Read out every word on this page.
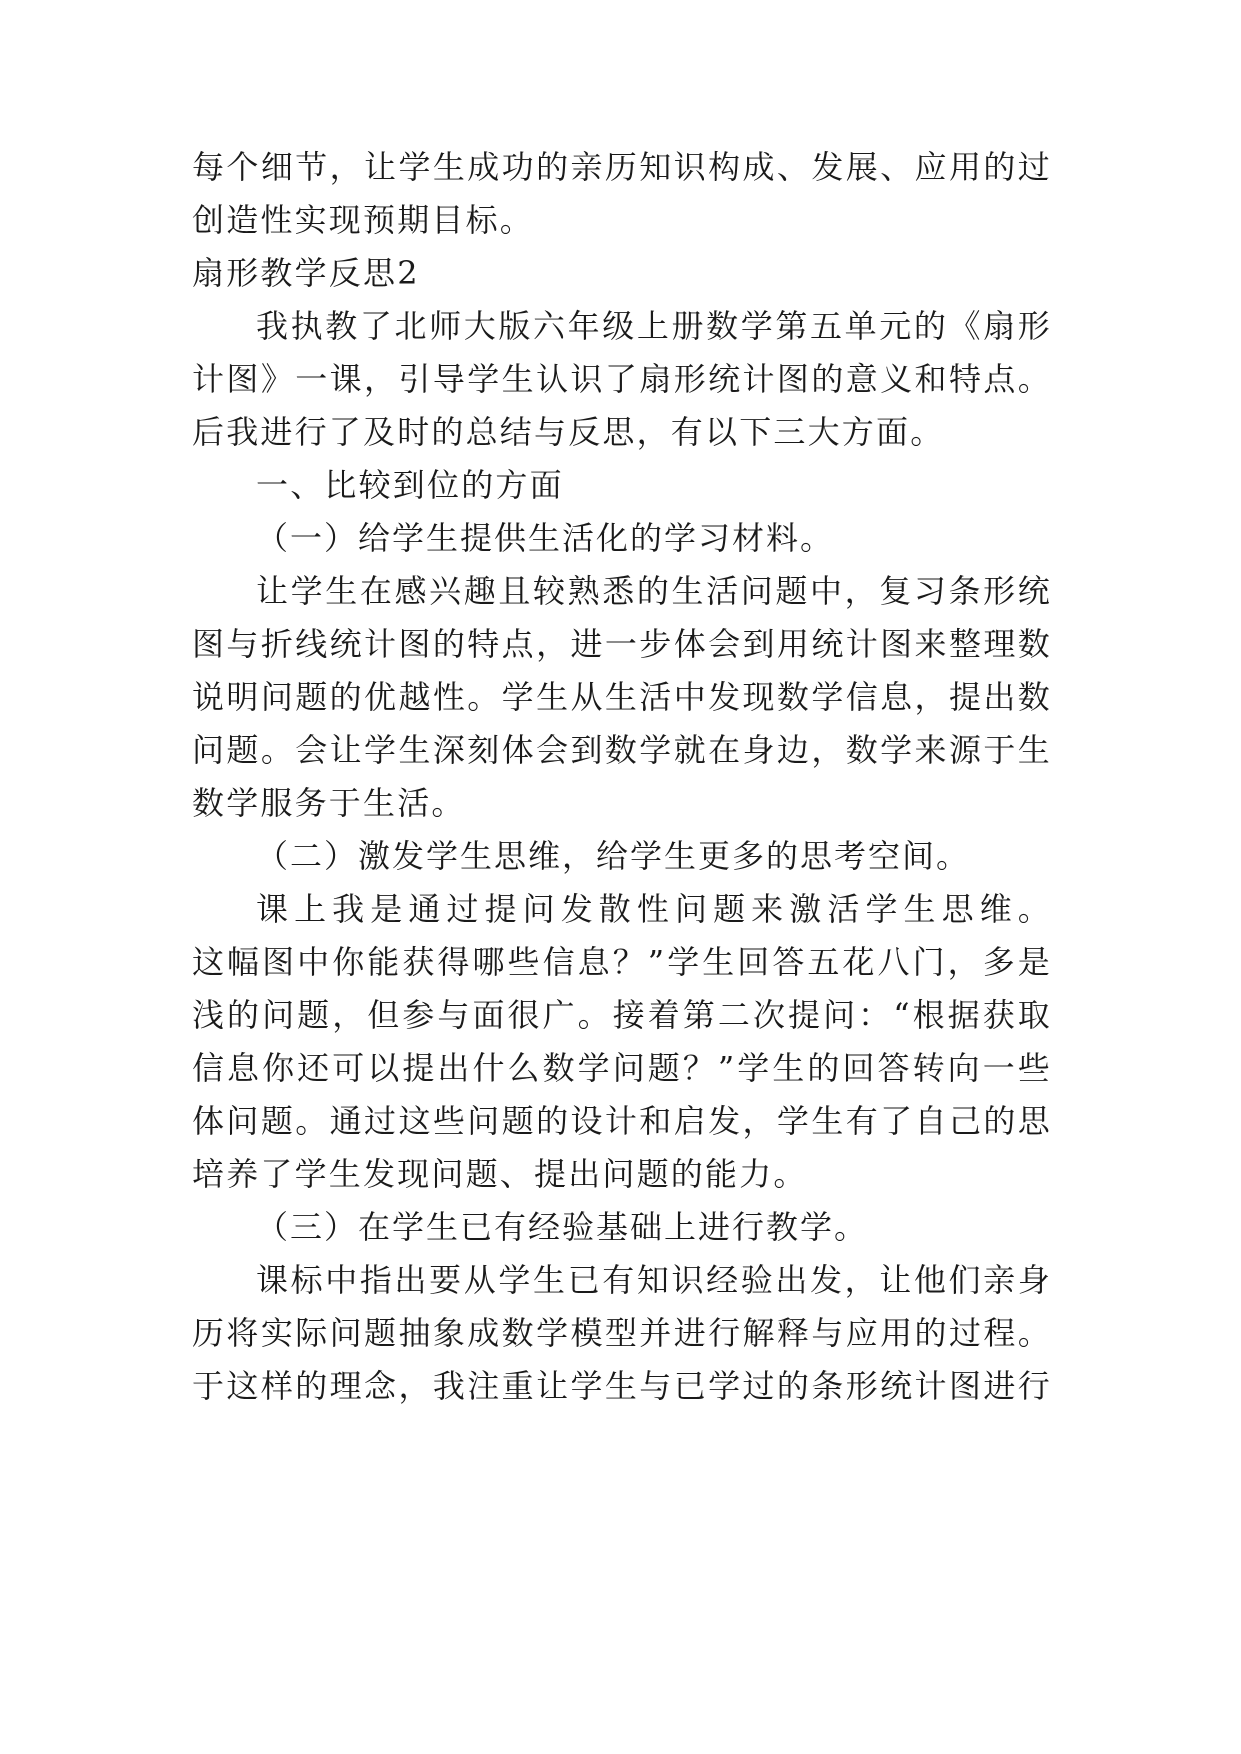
每个细节，让学生成功的亲历知识构成、发展、应用的过
创造性实现预期目标。
扇形教学反思2
我执教了北师大版六年级上册数学第五单元的《扇形
计图》一课，引导学生认识了扇形统计图的意义和特点。
后我进行了及时的总结与反思，有以下三大方面。
一、比较到位的方面
（一）给学生提供生活化的学习材料。
让学生在感兴趣且较熟悉的生活问题中，复习条形统
图与折线统计图的特点，进一步体会到用统计图来整理数
说明问题的优越性。学生从生活中发现数学信息，提出数
问题。会让学生深刻体会到数学就在身边，数学来源于生
数学服务于生活。
（二）激发学生思维，给学生更多的思考空间。
课上我是通过提问发散性问题来激活学生思维。
这幅图中你能获得哪些信息？”学生回答五花八门，多是
浅的问题，但参与面很广。接着第二次提问：“根据获取
信息你还可以提出什么数学问题？”学生的回答转向一些
体问题。通过这些问题的设计和启发，学生有了自己的思
培养了学生发现问题、提出问题的能力。
（三）在学生已有经验基础上进行教学。
课标中指出要从学生已有知识经验出发，让他们亲身
历将实际问题抽象成数学模型并进行解释与应用的过程。
于这样的理念，我注重让学生与已学过的条形统计图进行
